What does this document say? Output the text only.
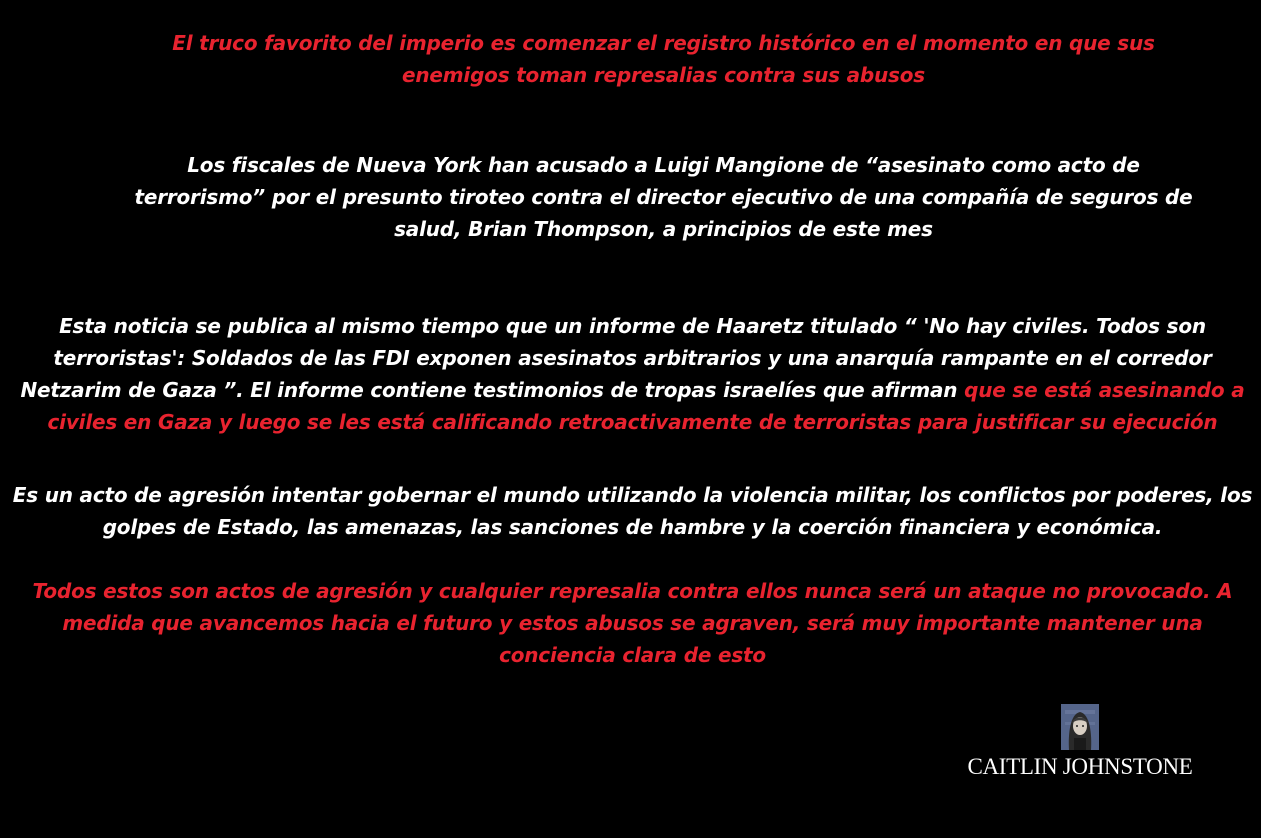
El truco favorito del imperio es comenzar el registro histórico en el momento en que sus enemigos toman represalias contra sus abusos

Los fiscales de Nueva York han acusado a Luigi Mangione de “asesinato como acto de terrorismo” por el presunto tiroteo contra el director ejecutivo de una compañía de seguros de salud, Brian Thompson, a principios de este mes

Esta noticia se publica al mismo tiempo que un informe de Haaretz titulado “ 'No hay civiles. Todos son terroristas': Soldados de las FDI exponen asesinatos arbitrarios y una anarquía rampante en el corredor Netzarim de Gaza ”. El informe contiene testimonios de tropas israelíes que afirman que se está asesinando a civiles en Gaza y luego se les está calificando retroactivamente de terroristas para justificar su ejecución

Es un acto de agresión intentar gobernar el mundo utilizando la violencia militar, los conflictos por poderes, los golpes de Estado, las amenazas, las sanciones de hambre y la coerción financiera y económica.

Todos estos son actos de agresión y cualquier represalia contra ellos nunca será un ataque no provocado. A medida que avancemos hacia el futuro y estos abusos se agraven, será muy importante mantener una conciencia clara de esto

CAITLIN JOHNSTONE
